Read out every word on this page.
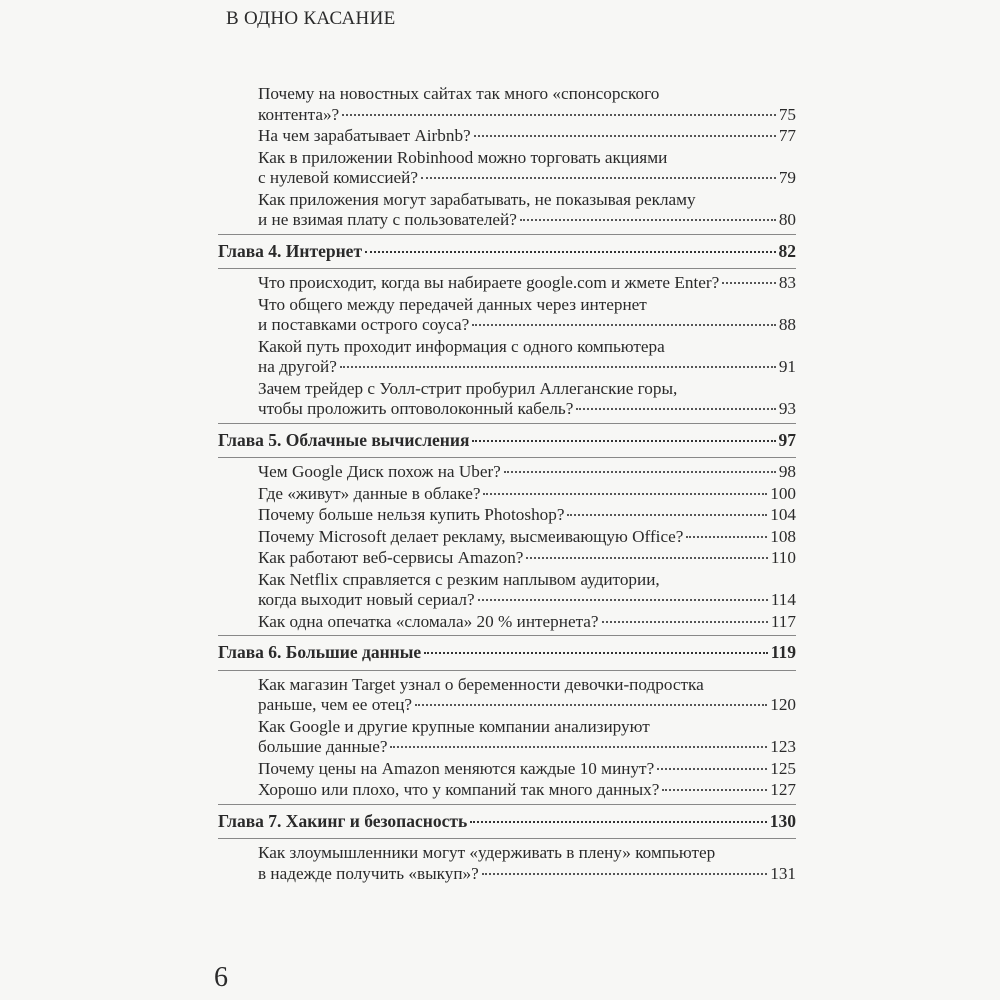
В ОДНО КАСАНИЕ
Почему на новостных сайтах так много «спонсорского
контента»?	75
На чем зарабатывает Airbnb?	77
Как в приложении Robinhood можно торговать акциями
с нулевой комиссией?	79
Как приложения могут зарабатывать, не показывая рекламу
и не взимая плату с пользователей?	80
Глава 4. Интернет	82
Что происходит, когда вы набираете google.com и жмете Enter?	83
Что общего между передачей данных через интернет
и поставками острого соуса?	88
Какой путь проходит информация с одного компьютера
на другой?	91
Зачем трейдер с Уолл-стрит пробурил Аллеганские горы,
чтобы проложить оптоволоконный кабель?	93
Глава 5. Облачные вычисления	97
Чем Google Диск похож на Uber?	98
Где «живут» данные в облаке?	100
Почему больше нельзя купить Photoshop?	104
Почему Microsoft делает рекламу, высмеивающую Office?	108
Как работают веб-сервисы Amazon?	110
Как Netflix справляется с резким наплывом аудитории,
когда выходит новый сериал?	114
Как одна опечатка «сломала» 20 % интернета?	117
Глава 6. Большие данные	119
Как магазин Target узнал о беременности девочки-подростка
раньше, чем ее отец?	120
Как Google и другие крупные компании анализируют
большие данные?	123
Почему цены на Amazon меняются каждые 10 минут?	125
Хорошо или плохо, что у компаний так много данных?	127
Глава 7. Хакинг и безопасность	130
Как злоумышленники могут «удерживать в плену» компьютер
в надежде получить «выкуп»?	131
6
